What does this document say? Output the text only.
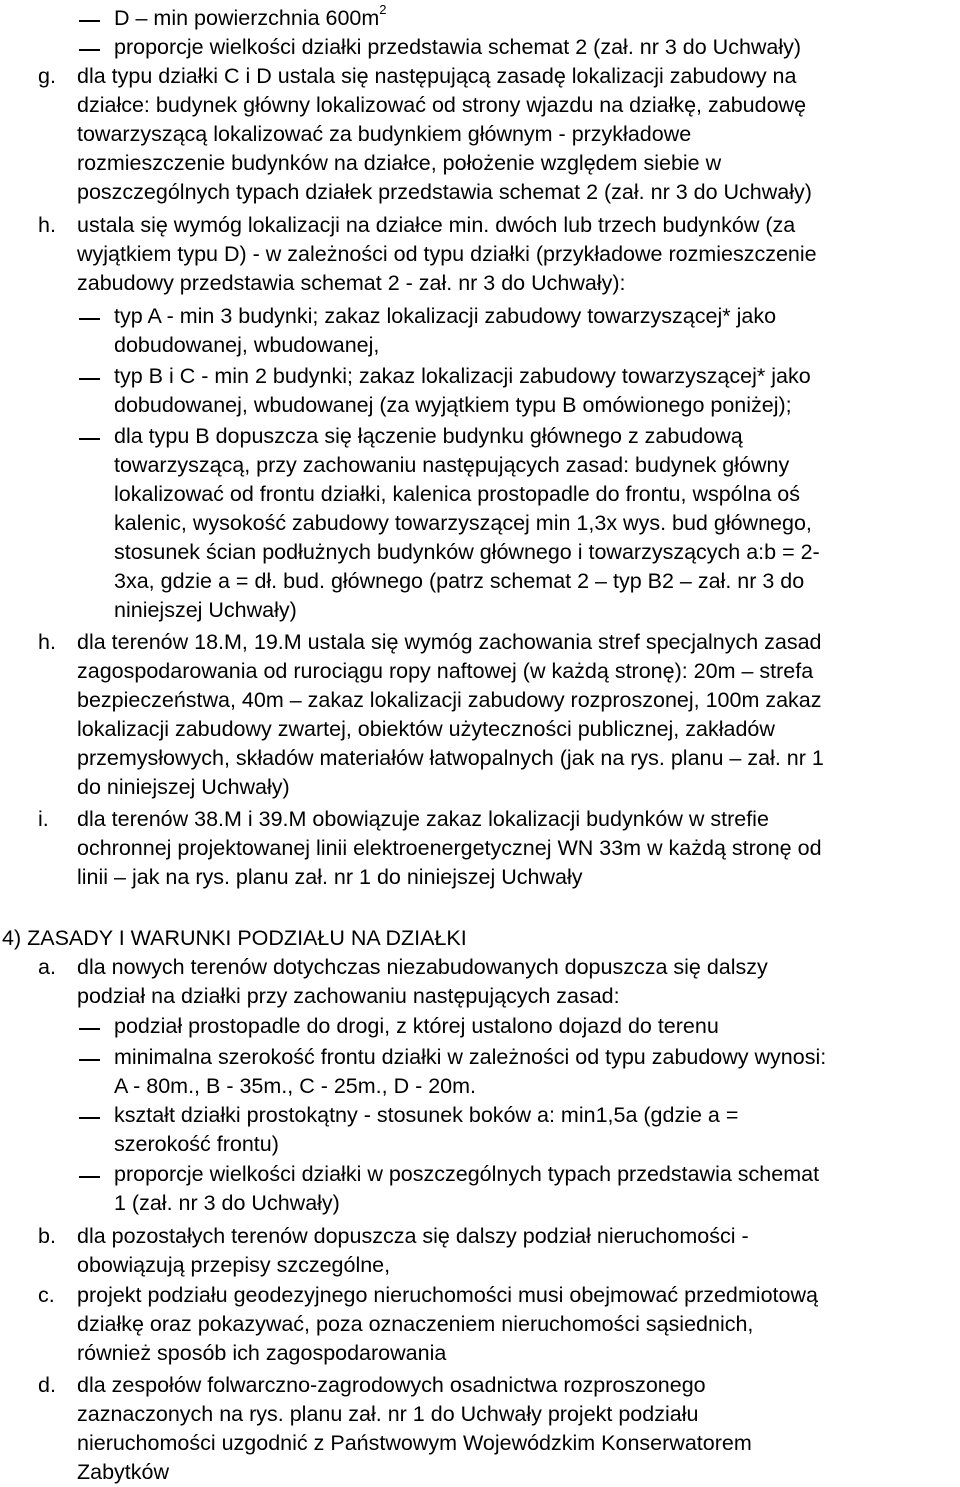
D – min powierzchnia $600m^2$
proporcje wielkości działki przedstawia schemat 2 (zał. nr 3 do Uchwały)
g. dla typu działki C i D ustala się następującą zasadę lokalizacji zabudowy na
działce: budynek główny lokalizować od strony wjazdu na działkę, zabudowę
towarzyszącą lokalizować za budynkiem głównym - przykładowe
rozmieszczenie budynków na działce, położenie względem siebie w
poszczególnych typach działek przedstawia schemat 2 (zał. nr 3 do Uchwały)
h. ustala się wymóg lokalizacji na działce min. dwóch lub trzech budynków (za
wyjątkiem typu D) - w zależności od typu działki (przykładowe rozmieszczenie
zabudowy przedstawia schemat 2 - zał. nr 3 do Uchwały):
typ A - min 3 budynki; zakaz lokalizacji zabudowy towarzyszącej* jako
dobudowanej, wbudowanej,
typ B i C - min 2 budynki; zakaz lokalizacji zabudowy towarzyszącej* jako
dobudowanej, wbudowanej (za wyjątkiem typu B omówionego poniżej);
dla typu B dopuszcza się łączenie budynku głównego z zabudową
towarzyszącą, przy zachowaniu następujących zasad: budynek główny
lokalizować od frontu działki, kalenica prostopadle do frontu, wspólna oś
kalenic, wysokość zabudowy towarzyszącej min 1,3x wys. bud głównego,
stosunek ścian podłużnych budynków głównego i towarzyszących a:b = 2-
3xa, gdzie a = dł. bud. głównego (patrz schemat 2 – typ B2 – zał. nr 3 do
niniejszej Uchwały)
h. dla terenów 18.M, 19.M ustala się wymóg zachowania stref specjalnych zasad
zagospodarowania od rurociągu ropy naftowej (w każdą stronę): 20m – strefa
bezpieczeństwa, 40m – zakaz lokalizacji zabudowy rozproszonej, 100m zakaz
lokalizacji zabudowy zwartej, obiektów użyteczności publicznej, zakładów
przemysłowych, składów materiałów łatwopalnych (jak na rys. planu – zał. nr 1
do niniejszej Uchwały)
i. dla terenów 38.M i 39.M obowiązuje zakaz lokalizacji budynków w strefie
ochronnej projektowanej linii elektroenergetycznej WN 33m w każdą stronę od
linii – jak na rys. planu zał. nr 1 do niniejszej Uchwały
4) ZASADY I WARUNKI PODZIAŁU NA DZIAŁKI
a. dla nowych terenów dotychczas niezabudowanych dopuszcza się dalszy
podział na działki przy zachowaniu następujących zasad:
podział prostopadle do drogi, z której ustalono dojazd do terenu
minimalna szerokość frontu działki w zależności od typu zabudowy wynosi:
A - 80m., B - 35m., C - 25m., D - 20m.
kształt działki prostokątny - stosunek boków a: min1,5a (gdzie a =
szerokość frontu)
proporcje wielkości działki w poszczególnych typach przedstawia schemat
1 (zał. nr 3 do Uchwały)
b. dla pozostałych terenów dopuszcza się dalszy podział nieruchomości -
obowiązują przepisy szczególne,
c. projekt podziału geodezyjnego nieruchomości musi obejmować przedmiotową
działkę oraz pokazywać, poza oznaczeniem nieruchomości sąsiednich,
również sposób ich zagospodarowania
d. dla zespołów folwarczno-zagrodowych osadnictwa rozproszonego
zaznaczonych na rys. planu zał. nr 1 do Uchwały projekt podziału
nieruchomości uzgodnić z Państwowym Wojewódzkim Konserwatorem
Zabytków
